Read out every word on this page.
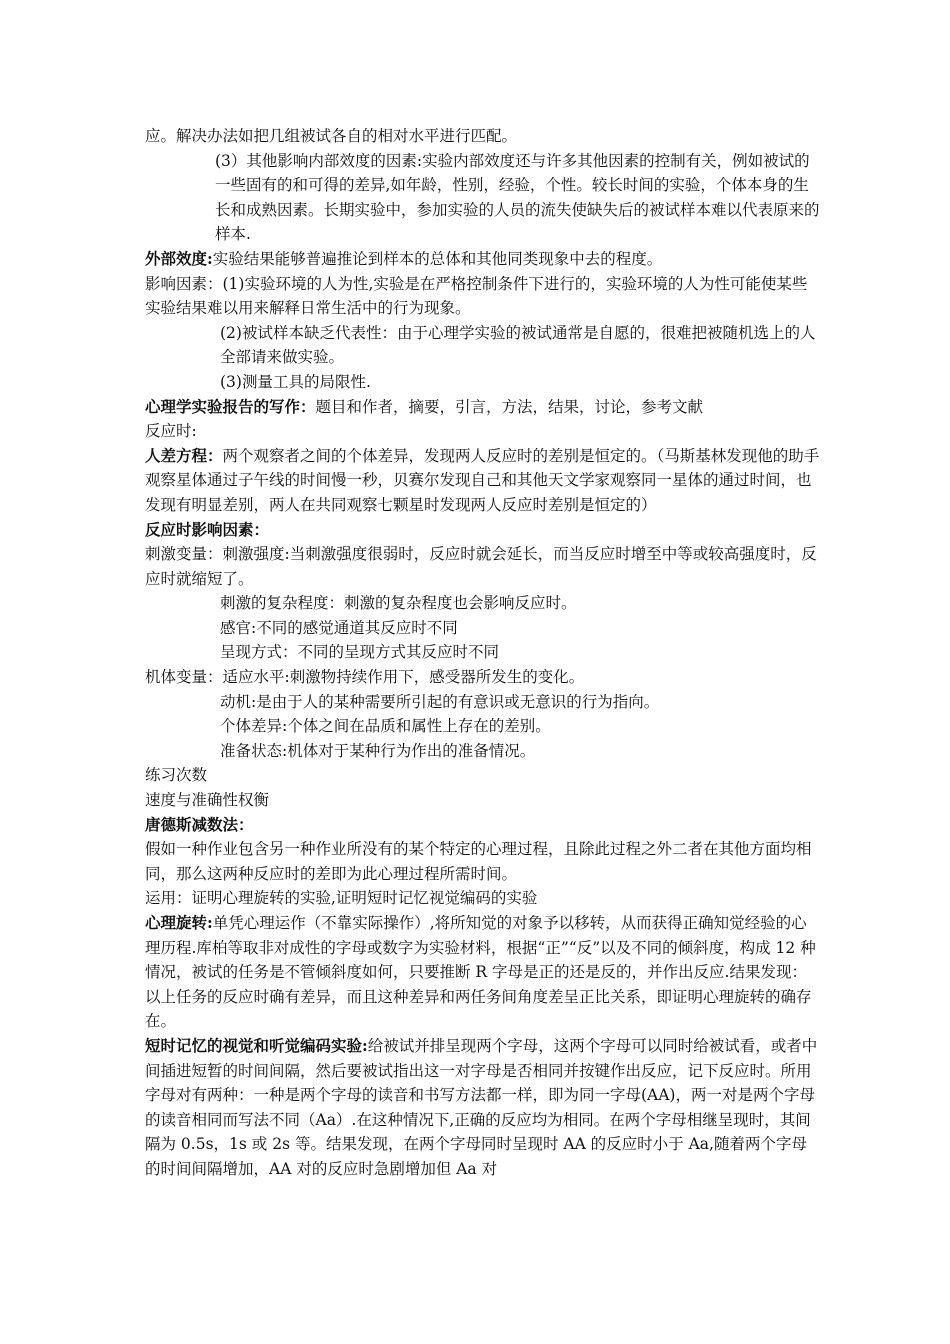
应。解决办法如把几组被试各自的相对水平进行匹配。

(3）其他影响内部效度的因素:实验内部效度还与许多其他因素的控制有关，例如被试的一些固有的和可得的差异,如年龄，性别，经验，个性。较长时间的实验，个体本身的生长和成熟因素。长期实验中，参加实验的人员的流失使缺失后的被试样本难以代表原来的样本.

外部效度:实验结果能够普遍推论到样本的总体和其他同类现象中去的程度。

影响因素：(1)实验环境的人为性,实验是在严格控制条件下进行的，实验环境的人为性可能使某些实验结果难以用来解释日常生活中的行为现象。

(2)被试样本缺乏代表性：由于心理学实验的被试通常是自愿的，很难把被随机选上的人全部请来做实验。

(3)测量工具的局限性.

心理学实验报告的写作：题目和作者，摘要，引言，方法，结果，讨论，参考文献

反应时:

人差方程：两个观察者之间的个体差异，发现两人反应时的差别是恒定的。（马斯基林发现他的助手观察星体通过子午线的时间慢一秒，贝赛尔发现自己和其他天文学家观察同一星体的通过时间，也发现有明显差别，两人在共同观察七颗星时发现两人反应时差别是恒定的）

反应时影响因素：

刺激变量：刺激强度:当刺激强度很弱时，反应时就会延长，而当反应时增至中等或较高强度时，反应时就缩短了。

刺激的复杂程度：刺激的复杂程度也会影响反应时。

感官:不同的感觉通道其反应时不同

呈现方式：不同的呈现方式其反应时不同

机体变量：适应水平:刺激物持续作用下，感受器所发生的变化。

动机:是由于人的某种需要所引起的有意识或无意识的行为指向。

个体差异:个体之间在品质和属性上存在的差别。

准备状态:机体对于某种行为作出的准备情况。

练习次数

速度与准确性权衡

唐德斯减数法：

假如一种作业包含另一种作业所没有的某个特定的心理过程，且除此过程之外二者在其他方面均相同，那么这两种反应时的差即为此心理过程所需时间。

运用：证明心理旋转的实验,证明短时记忆视觉编码的实验

心理旋转:单凭心理运作（不靠实际操作）,将所知觉的对象予以移转，从而获得正确知觉经验的心理历程.库柏等取非对成性的字母或数字为实验材料，根据“正”“反”以及不同的倾斜度，构成 12 种情况，被试的任务是不管倾斜度如何，只要推断 R 字母是正的还是反的，并作出反应.结果发现：以上任务的反应时确有差异，而且这种差异和两任务间角度差呈正比关系，即证明心理旋转的确存在。

短时记忆的视觉和听觉编码实验:给被试并排呈现两个字母，这两个字母可以同时给被试看，或者中间插进短暂的时间间隔，然后要被试指出这一对字母是否相同并按键作出反应，记下反应时。所用字母对有两种：一种是两个字母的读音和书写方法都一样，即为同一字母(AA)，两一对是两个字母的读音相同而写法不同（Aa）.在这种情况下,正确的反应均为相同。在两个字母相继呈现时，其间隔为 0.5s，1s 或 2s 等。结果发现，在两个字母同时呈现时 AA 的反应时小于 Aa,随着两个字母的时间间隔增加，AA 对的反应时急剧增加但 Aa 对
